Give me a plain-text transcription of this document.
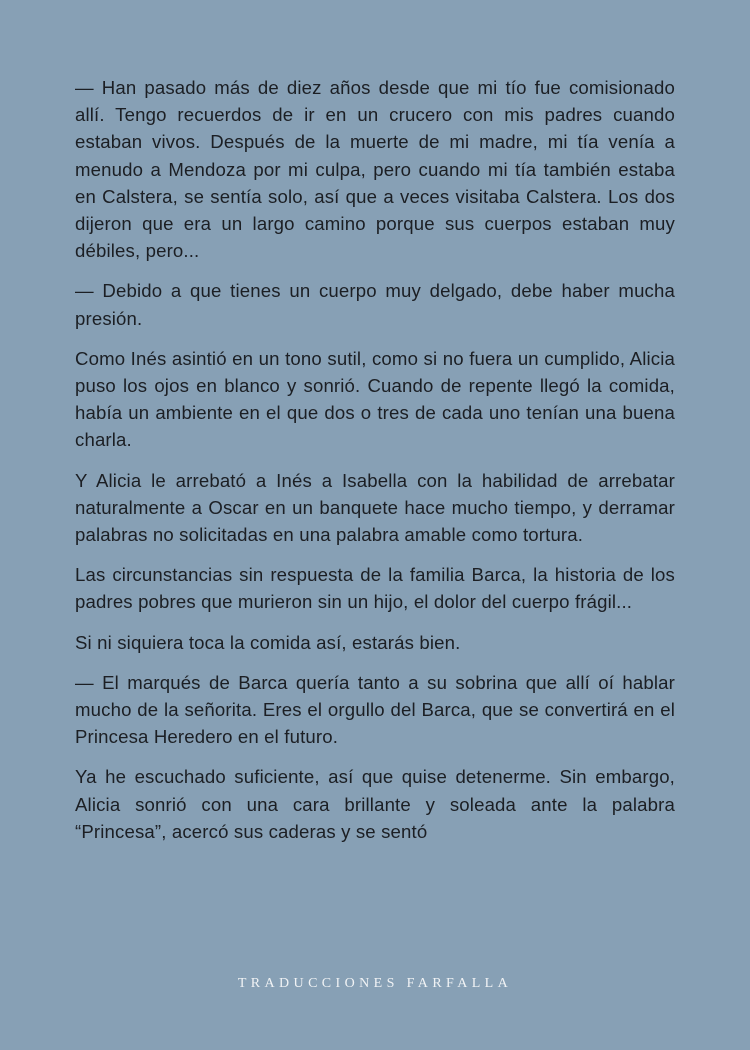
— Han pasado más de diez años desde que mi tío fue comisionado allí. Tengo recuerdos de ir en un crucero con mis padres cuando estaban vivos. Después de la muerte de mi madre, mi tía venía a menudo a Mendoza por mi culpa, pero cuando mi tía también estaba en Calstera, se sentía solo, así que a veces visitaba Calstera. Los dos dijeron que era un largo camino porque sus cuerpos estaban muy débiles, pero...

— Debido a que tienes un cuerpo muy delgado, debe haber mucha presión.

Como Inés asintió en un tono sutil, como si no fuera un cumplido, Alicia puso los ojos en blanco y sonrió. Cuando de repente llegó la comida, había un ambiente en el que dos o tres de cada uno tenían una buena charla.

Y Alicia le arrebató a Inés a Isabella con la habilidad de arrebatar naturalmente a Oscar en un banquete hace mucho tiempo, y derramar palabras no solicitadas en una palabra amable como tortura.

Las circunstancias sin respuesta de la familia Barca, la historia de los padres pobres que murieron sin un hijo, el dolor del cuerpo frágil...

Si ni siquiera toca la comida así, estarás bien.

— El marqués de Barca quería tanto a su sobrina que allí oí hablar mucho de la señorita. Eres el orgullo del Barca, que se convertirá en el Princesa Heredero en el futuro.

Ya he escuchado suficiente, así que quise detenerme. Sin embargo, Alicia sonrió con una cara brillante y soleada ante la palabra “Princesa”, acercó sus caderas y se sentó

TRADUCCIONES FARFALLA
